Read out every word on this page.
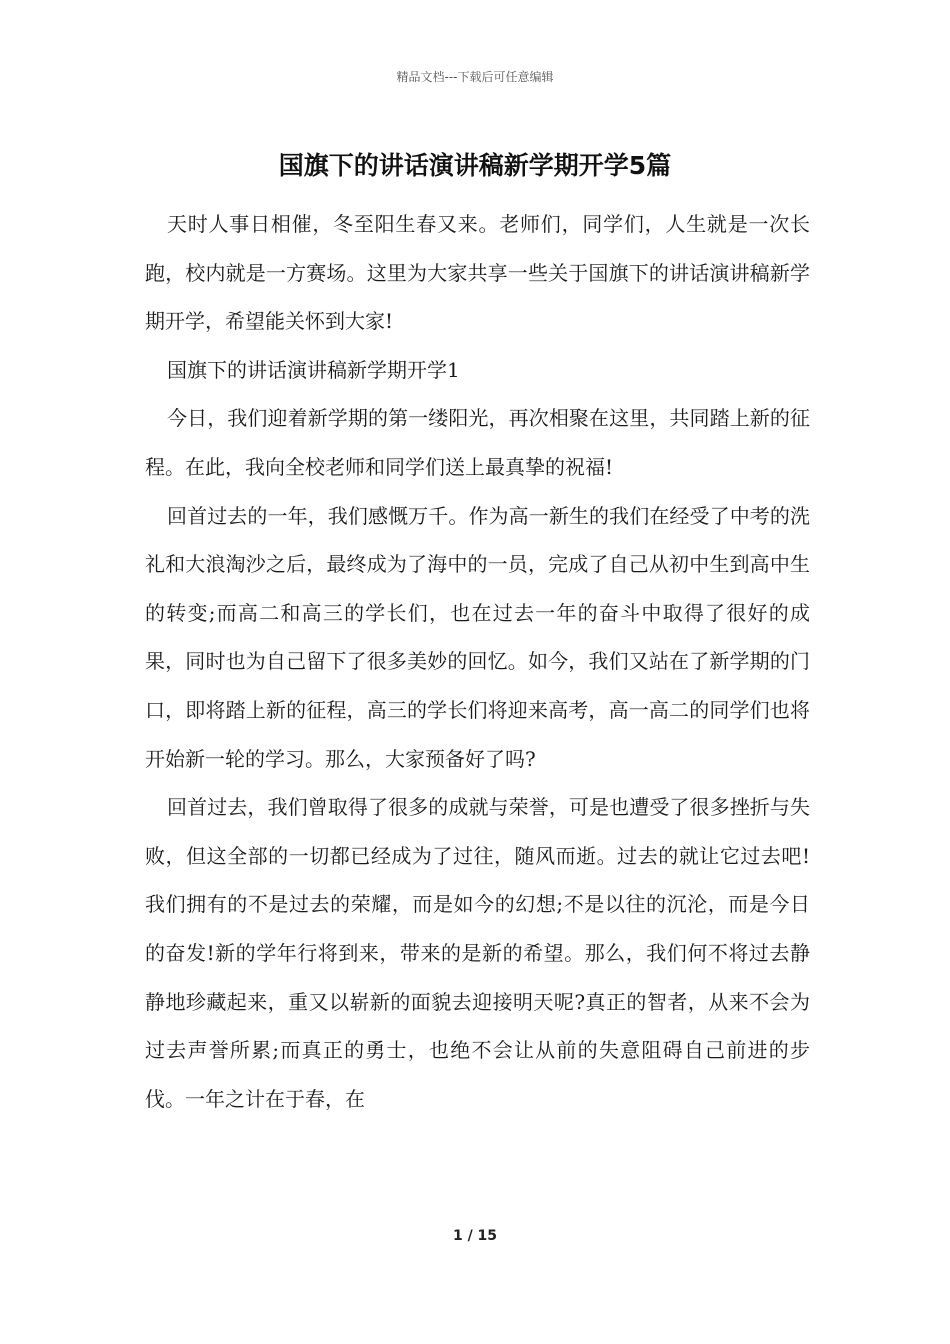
精品文档---下载后可任意编辑
国旗下的讲话演讲稿新学期开学5篇

天时人事日相催，冬至阳生春又来。老师们，同学们，人生就是一次长跑，校内就是一方赛场。这里为大家共享一些关于国旗下的讲话演讲稿新学期开学，希望能关怀到大家!

国旗下的讲话演讲稿新学期开学1

今日，我们迎着新学期的第一缕阳光，再次相聚在这里，共同踏上新的征程。在此，我向全校老师和同学们送上最真挚的祝福!

回首过去的一年，我们感慨万千。作为高一新生的我们在经受了中考的洗礼和大浪淘沙之后，最终成为了海中的一员，完成了自己从初中生到高中生的转变;而高二和高三的学长们，也在过去一年的奋斗中取得了很好的成果，同时也为自己留下了很多美妙的回忆。如今，我们又站在了新学期的门口，即将踏上新的征程，高三的学长们将迎来高考，高一高二的同学们也将开始新一轮的学习。那么，大家预备好了吗?

回首过去，我们曾取得了很多的成就与荣誉，可是也遭受了很多挫折与失败，但这全部的一切都已经成为了过往，随风而逝。过去的就让它过去吧!我们拥有的不是过去的荣耀，而是如今的幻想;不是以往的沉沦，而是今日的奋发!新的学年行将到来，带来的是新的希望。那么，我们何不将过去静静地珍藏起来，重又以崭新的面貌去迎接明天呢?真正的智者，从来不会为过去声誉所累;而真正的勇士，也绝不会让从前的失意阻碍自己前进的步伐。一年之计在于春，在

1 / 15
